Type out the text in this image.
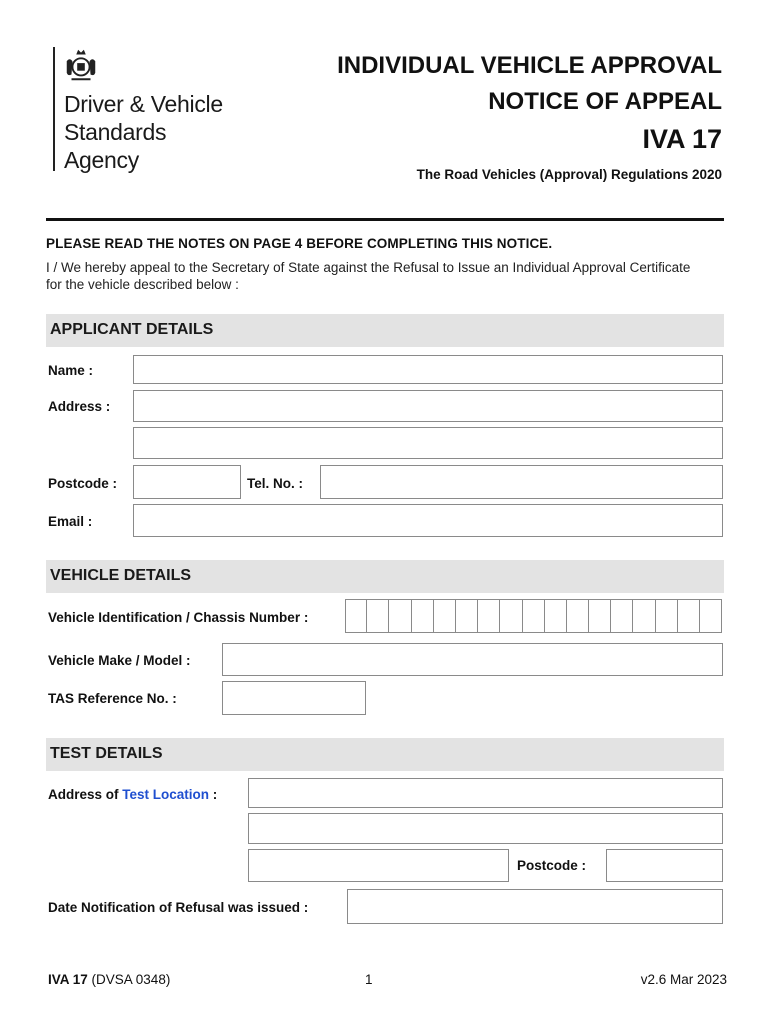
Driver & Vehicle
Standards
Agency
INDIVIDUAL VEHICLE APPROVAL
NOTICE OF APPEAL
IVA 17
The Road Vehicles (Approval) Regulations 2020
PLEASE READ THE NOTES ON PAGE 4 BEFORE COMPLETING THIS NOTICE.
I / We hereby appeal to the Secretary of State against the Refusal to Issue an Individual Approval Certificate for the vehicle described below :
APPLICANT DETAILS
Name :
Address :
Postcode :	Tel. No. :
Email :
VEHICLE DETAILS
Vehicle Identification / Chassis Number :
Vehicle Make / Model :
TAS Reference No. :
TEST DETAILS
Address of Test Location :
Postcode :
Date Notification of Refusal was issued :
IVA 17 (DVSA 0348)	1	v2.6 Mar 2023
